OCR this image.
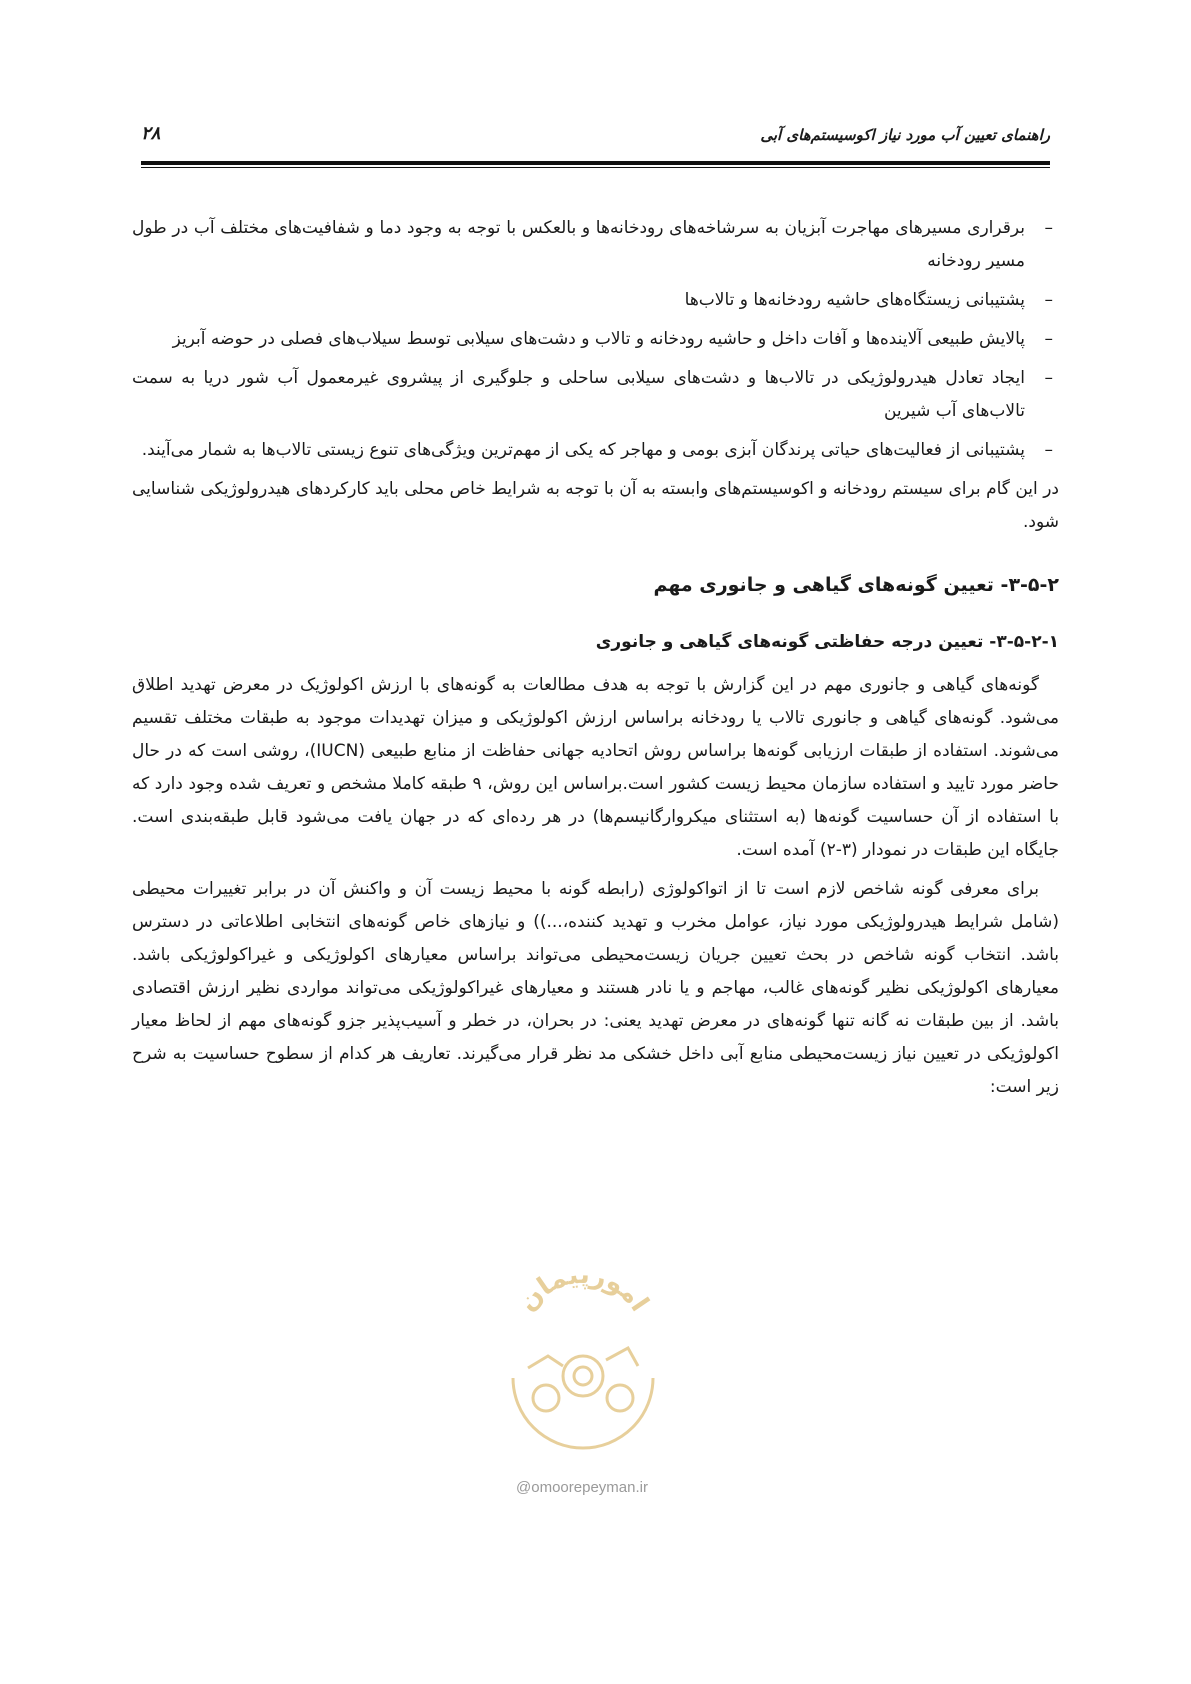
راهنمای تعیین آب مورد نیاز اکوسیستم‌های آبی
۲۸
–
برقراری مسیرهای مهاجرت آبزیان به سرشاخه‌های رودخانه‌ها و بالعکس با توجه به وجود دما و شفافیت‌های مختلف آب در طول مسیر رودخانه
–
پشتیبانی زیستگاه‌های حاشیه رودخانه‌ها و تالاب‌ها
–
پالایش طبیعی آلاینده‌ها و آفات داخل و حاشیه رودخانه و تالاب و دشت‌های سیلابی توسط سیلاب‌های فصلی در حوضه آبریز
–
ایجاد تعادل هیدرولوژیکی در تالاب‌ها و دشت‌های سیلابی ساحلی و جلوگیری از پیشروی غیرمعمول آب شور دریا به سمت تالاب‌های آب شیرین
–
پشتیبانی از فعالیت‌های حیاتی پرندگان آبزی بومی و مهاجر که یکی از مهم‌ترین ویژگی‌های تنوع زیستی تالاب‌ها به شمار می‌آیند.

در این گام برای سیستم رودخانه و اکوسیستم‌های وابسته به آن با توجه به شرایط خاص محلی باید کارکردهای هیدرولوژیکی شناسایی شود.

۳-۵-۲- تعیین گونه‌های گیاهی و جانوری مهم
۳-۵-۲-۱- تعیین درجه حفاظتی گونه‌های گیاهی و جانوری

گونه‌های گیاهی و جانوری مهم در این گزارش با توجه به هدف مطالعات به گونه‌های با ارزش اکولوژیک در معرض تهدید اطلاق می‌شود. گونه‌های گیاهی و جانوری تالاب یا رودخانه براساس ارزش اکولوژیکی و میزان تهدیدات موجود به طبقات مختلف تقسیم می‌شوند. استفاده از طبقات ارزیابی گونه‌ها براساس روش اتحادیه جهانی حفاظت از منابع طبیعی (IUCN)، روشی است که در حال حاضر مورد تایید و استفاده سازمان محیط زیست کشور است.براساس این روش، ۹ طبقه کاملا مشخص و تعریف شده وجود دارد که با استفاده از آن حساسیت گونه‌ها (به استثنای میکروارگانیسم‌ها) در هر رده‌ای که در جهان یافت می‌شود قابل طبقه‌بندی است. جایگاه این طبقات در نمودار (۳-۲) آمده است.

برای معرفی گونه شاخص لازم است تا از اتواکولوژی (رابطه گونه با محیط زیست آن و واکنش آن در برابر تغییرات محیطی (شامل شرایط هیدرولوژیکی مورد نیاز، عوامل مخرب و تهدید کننده،...)) و نیازهای خاص گونه‌های انتخابی اطلاعاتی در دسترس باشد. انتخاب گونه شاخص در بحث تعیین جریان زیست‌محیطی می‌تواند براساس معیارهای اکولوژیکی و غیراکولوژیکی باشد. معیارهای اکولوژیکی نظیر گونه‌های غالب، مهاجم و یا نادر هستند و معیارهای غیراکولوژیکی می‌تواند مواردی نظیر ارزش اقتصادی باشد. از بین طبقات نه گانه تنها گونه‌های در معرض تهدید یعنی: در بحران، در خطر و آسیب‌پذیر جزو گونه‌های مهم از لحاظ معیار اکولوژیکی در تعیین نیاز زیست‌محیطی منابع آبی داخل خشکی مد نظر قرار می‌گیرند. تعاریف هر کدام از سطوح حساسیت به شرح زیر است:

امورپیمان
@omoorepeyman.ir
